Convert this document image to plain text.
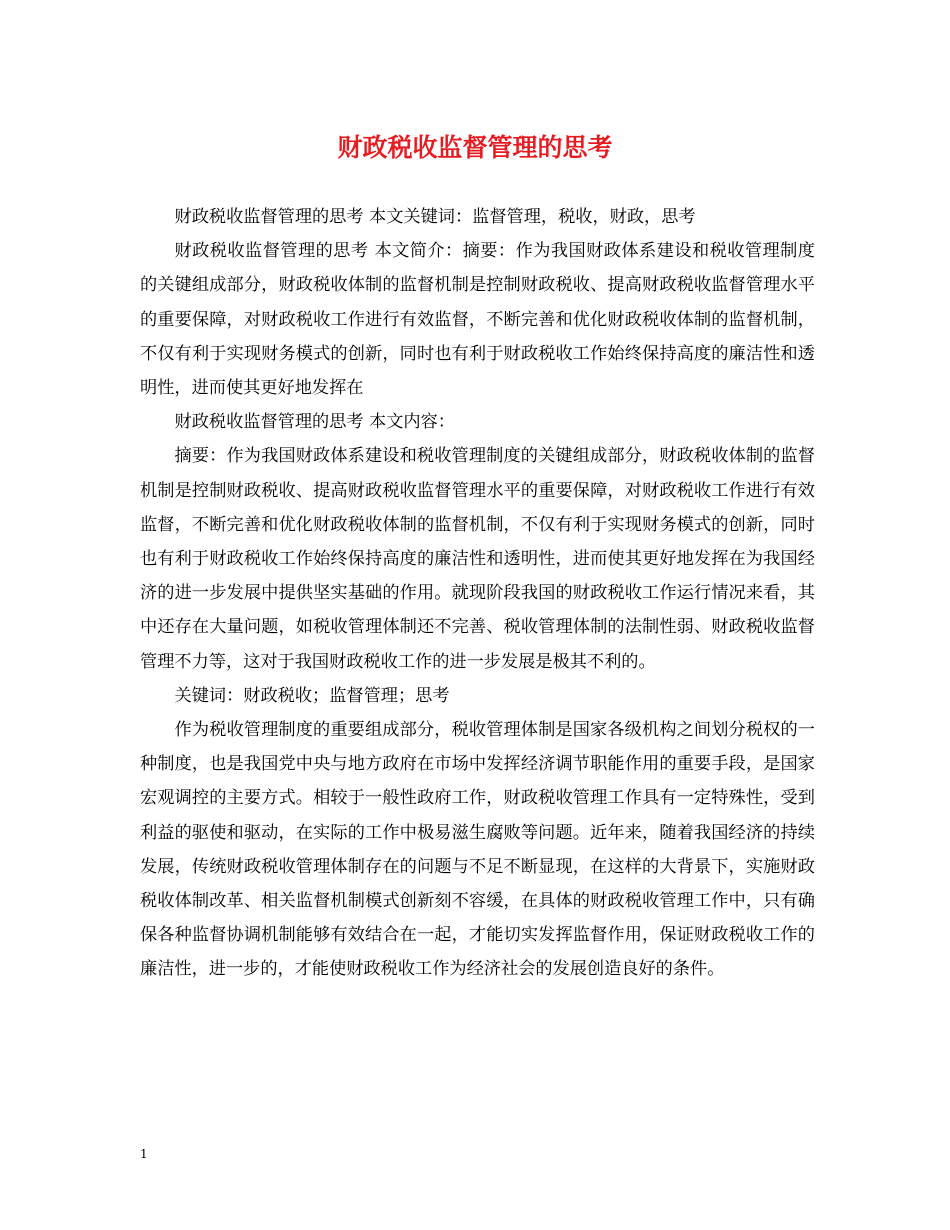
财政税收监督管理的思考

财政税收监督管理的思考 本文关键词：监督管理，税收，财政，思考

财政税收监督管理的思考 本文简介：摘要：作为我国财政体系建设和税收管理制度的关键组成部分，财政税收体制的监督机制是控制财政税收、提高财政税收监督管理水平的重要保障，对财政税收工作进行有效监督，不断完善和优化财政税收体制的监督机制，不仅有利于实现财务模式的创新，同时也有利于财政税收工作始终保持高度的廉洁性和透明性，进而使其更好地发挥在

财政税收监督管理的思考 本文内容：

摘要：作为我国财政体系建设和税收管理制度的关键组成部分，财政税收体制的监督机制是控制财政税收、提高财政税收监督管理水平的重要保障，对财政税收工作进行有效监督，不断完善和优化财政税收体制的监督机制，不仅有利于实现财务模式的创新，同时也有利于财政税收工作始终保持高度的廉洁性和透明性，进而使其更好地发挥在为我国经济的进一步发展中提供坚实基础的作用。就现阶段我国的财政税收工作运行情况来看，其中还存在大量问题，如税收管理体制还不完善、税收管理体制的法制性弱、财政税收监督管理不力等，这对于我国财政税收工作的进一步发展是极其不利的。

关键词：财政税收；监督管理；思考

作为税收管理制度的重要组成部分，税收管理体制是国家各级机构之间划分税权的一种制度，也是我国党中央与地方政府在市场中发挥经济调节职能作用的重要手段，是国家宏观调控的主要方式。相较于一般性政府工作，财政税收管理工作具有一定特殊性，受到利益的驱使和驱动，在实际的工作中极易滋生腐败等问题。近年来，随着我国经济的持续发展，传统财政税收管理体制存在的问题与不足不断显现，在这样的大背景下，实施财政税收体制改革、相关监督机制模式创新刻不容缓，在具体的财政税收管理工作中，只有确保各种监督协调机制能够有效结合在一起，才能切实发挥监督作用，保证财政税收工作的廉洁性，进一步的，才能使财政税收工作为经济社会的发展创造良好的条件。

1
